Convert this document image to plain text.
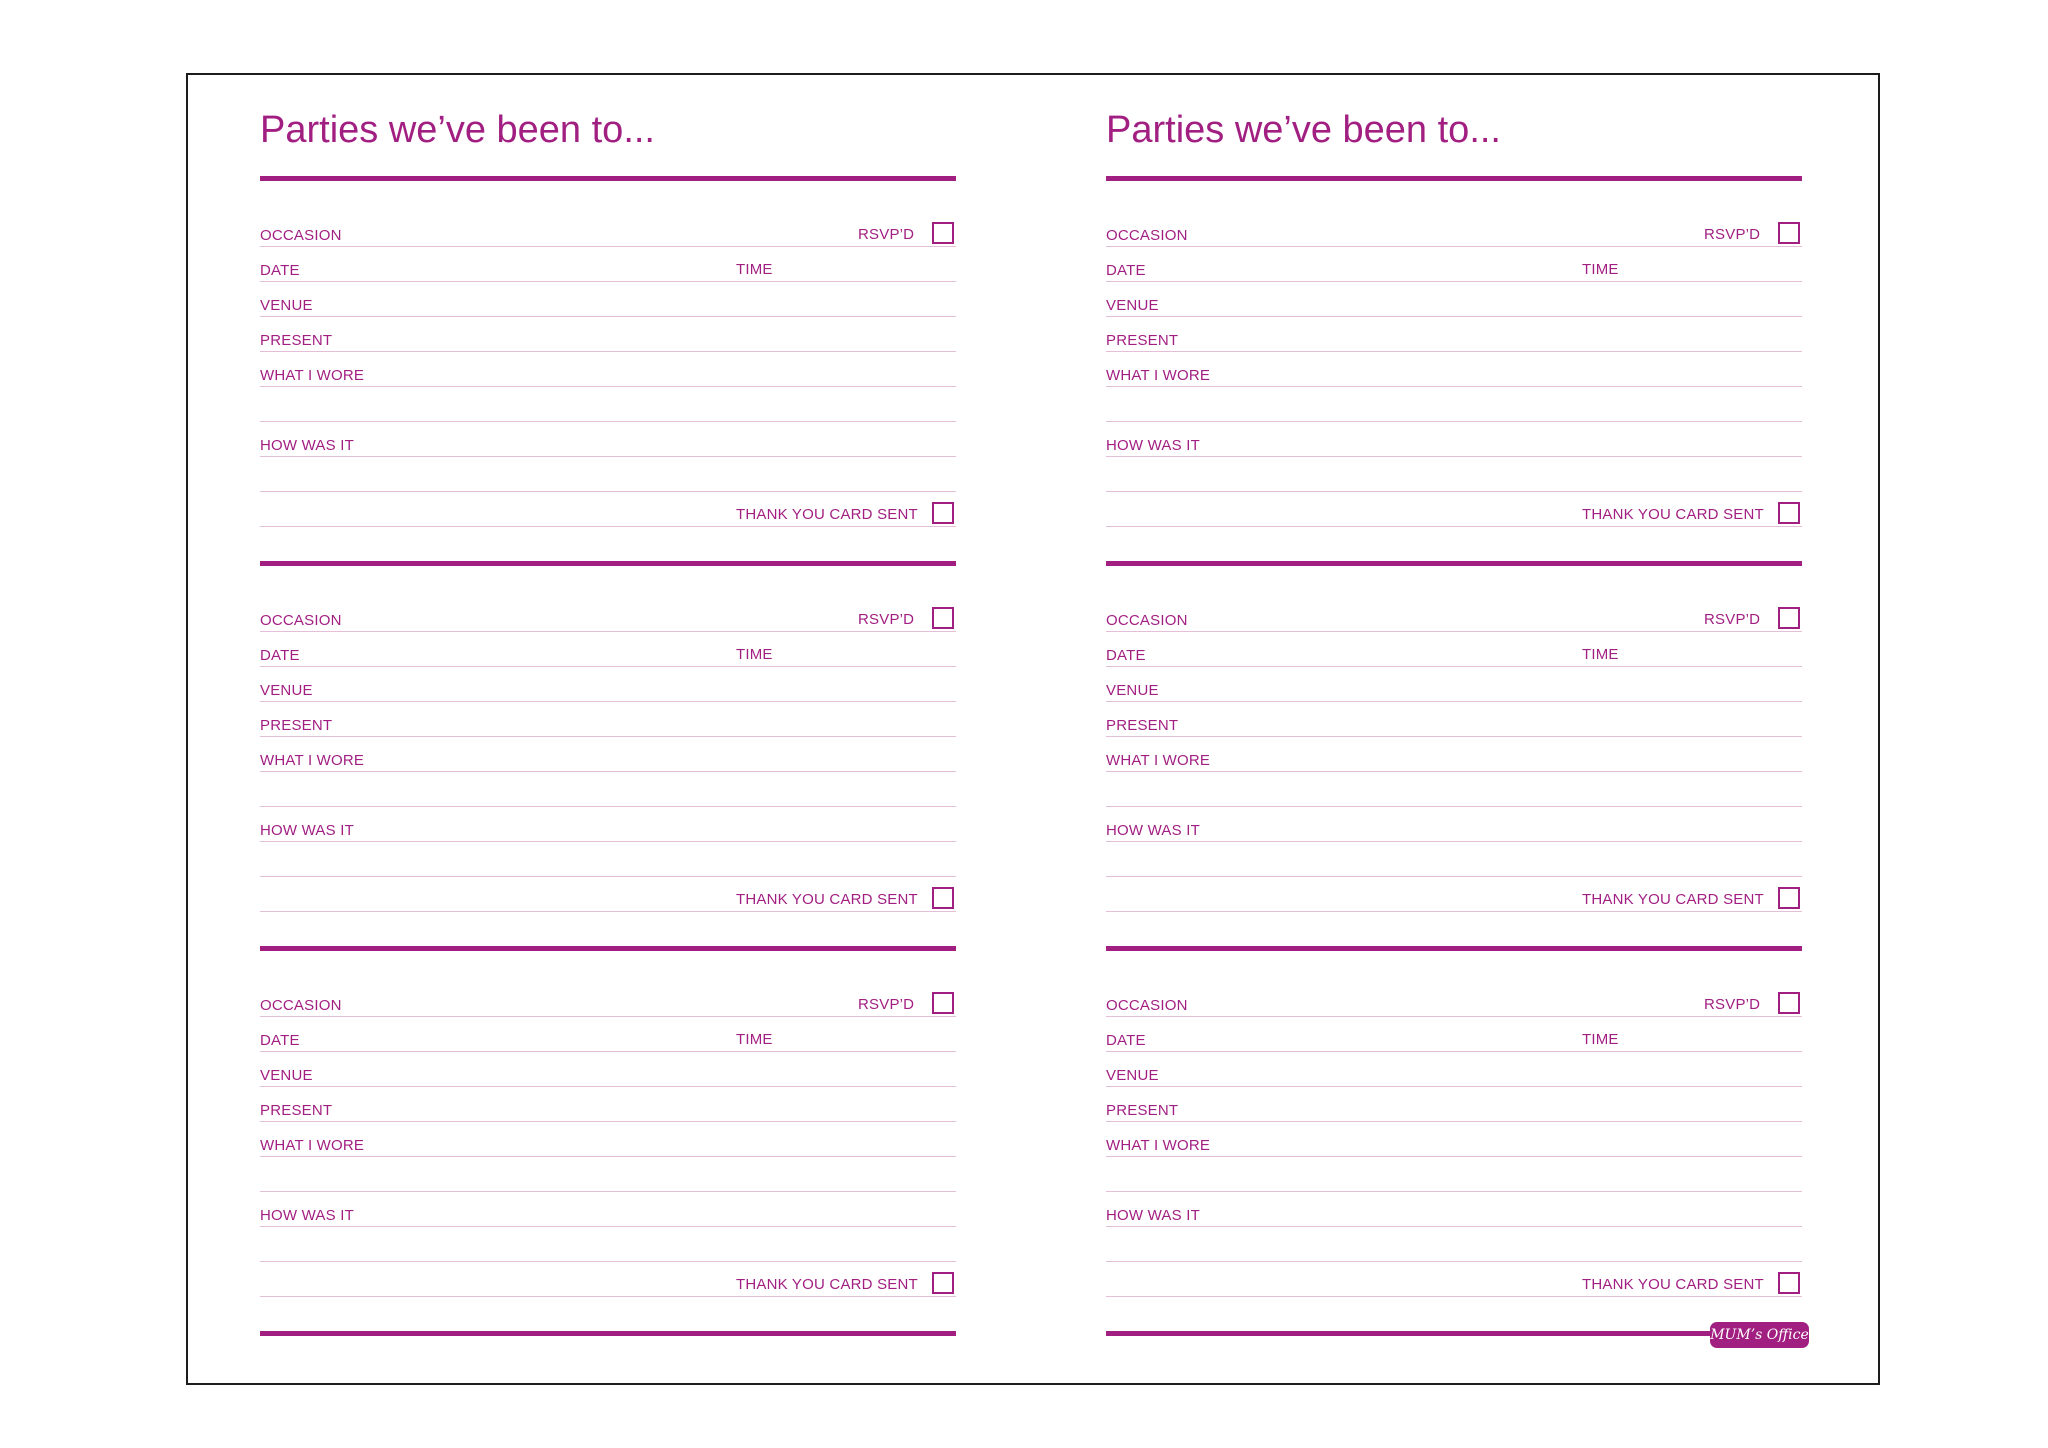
Parties we’ve been to...
OCCASION	RSVP’D
DATE	TIME
VENUE
PRESENT
WHAT I WORE
HOW WAS IT
THANK YOU CARD SENT
OCCASION	RSVP’D
DATE	TIME
VENUE
PRESENT
WHAT I WORE
HOW WAS IT
THANK YOU CARD SENT
OCCASION	RSVP’D
DATE	TIME
VENUE
PRESENT
WHAT I WORE
HOW WAS IT
THANK YOU CARD SENT
Parties we’ve been to...
OCCASION	RSVP’D
DATE	TIME
VENUE
PRESENT
WHAT I WORE
HOW WAS IT
THANK YOU CARD SENT
OCCASION	RSVP’D
DATE	TIME
VENUE
PRESENT
WHAT I WORE
HOW WAS IT
THANK YOU CARD SENT
OCCASION	RSVP’D
DATE	TIME
VENUE
PRESENT
WHAT I WORE
HOW WAS IT
THANK YOU CARD SENT
MUM’s Office
